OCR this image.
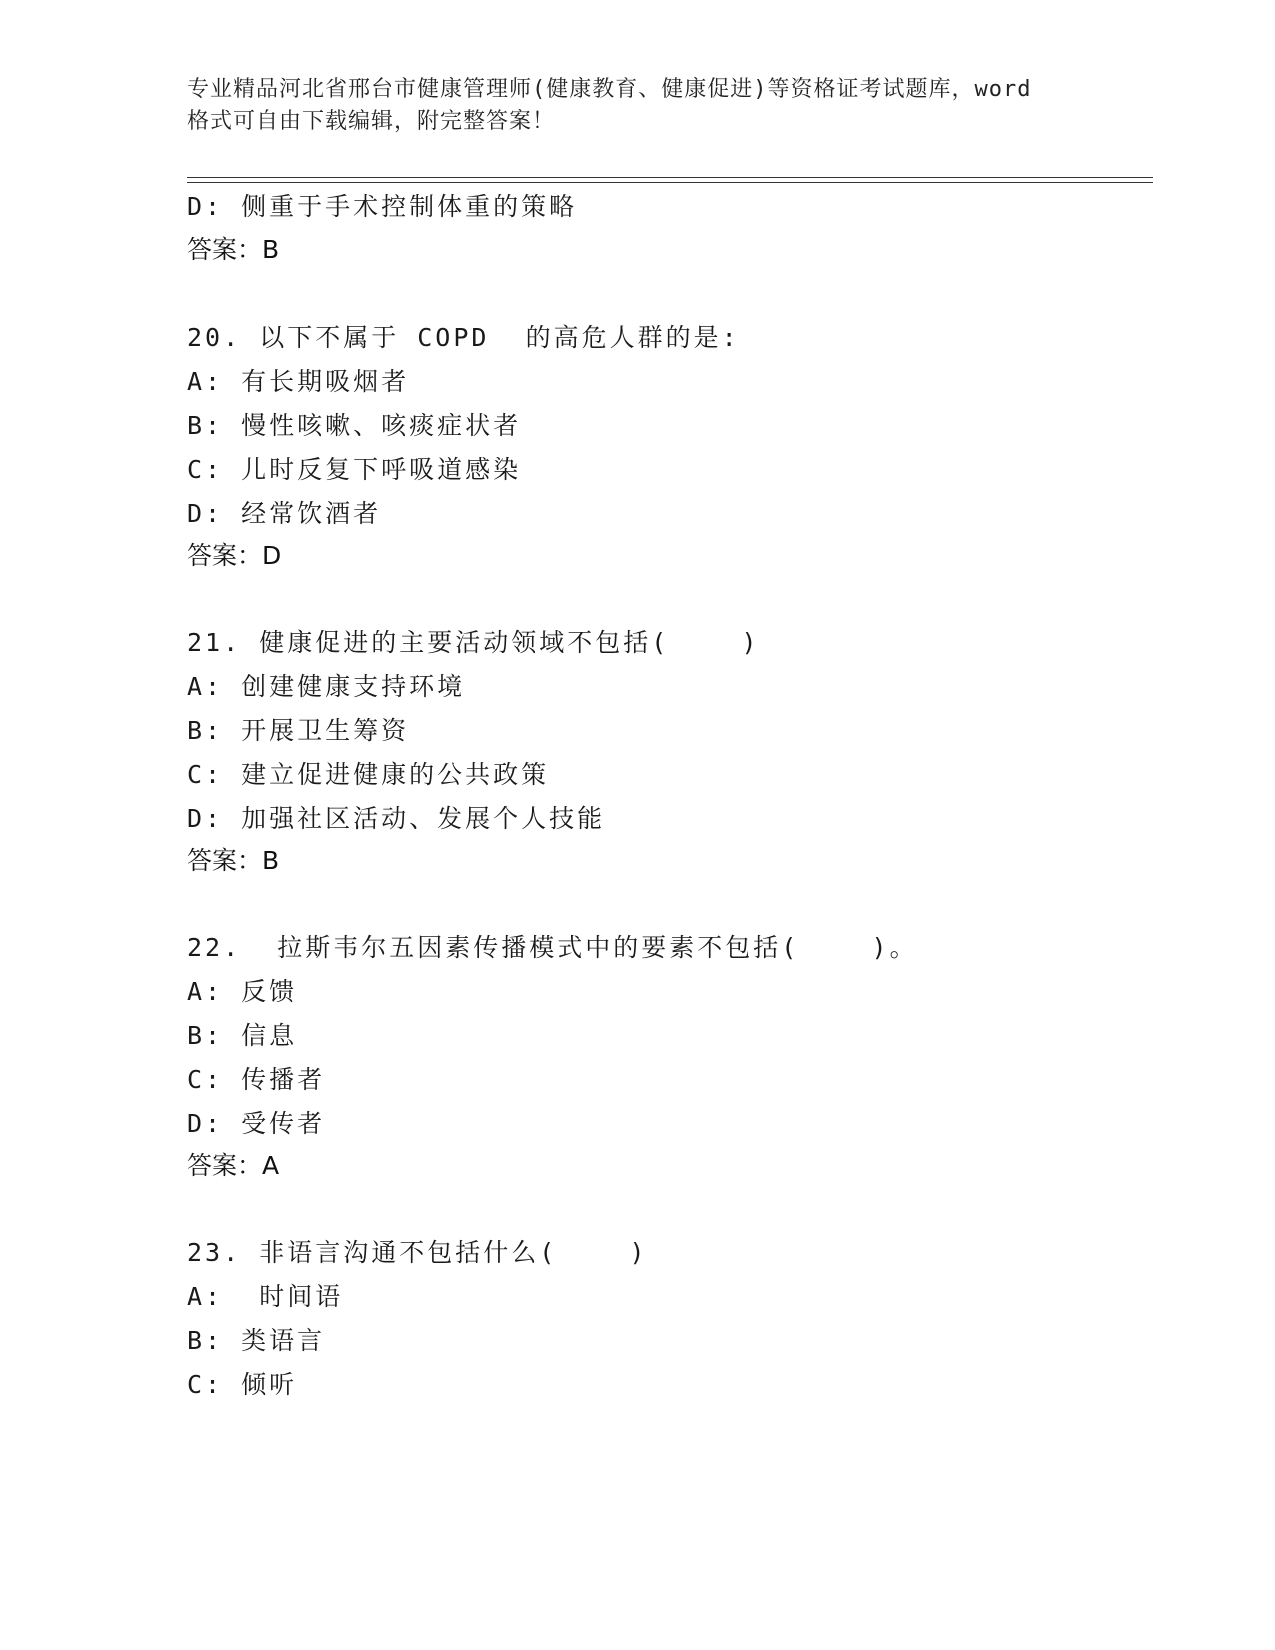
专业精品河北省邢台市健康管理师(健康教育、健康促进)等资格证考试题库，word
格式可自由下载编辑，附完整答案！
D: 侧重于手术控制体重的策略
答案：B
20. 以下不属于 COPD  的高危人群的是:
A: 有长期吸烟者
B: 慢性咳嗽、咳痰症状者
C: 儿时反复下呼吸道感染
D: 经常饮酒者
答案：D
21. 健康促进的主要活动领域不包括(    )
A: 创建健康支持环境
B: 开展卫生筹资
C: 建立促进健康的公共政策
D: 加强社区活动、发展个人技能
答案：B
22.  拉斯韦尔五因素传播模式中的要素不包括(    )。
A: 反馈
B: 信息
C: 传播者
D: 受传者
答案：A
23. 非语言沟通不包括什么(    )
A:  时间语
B: 类语言
C: 倾听
